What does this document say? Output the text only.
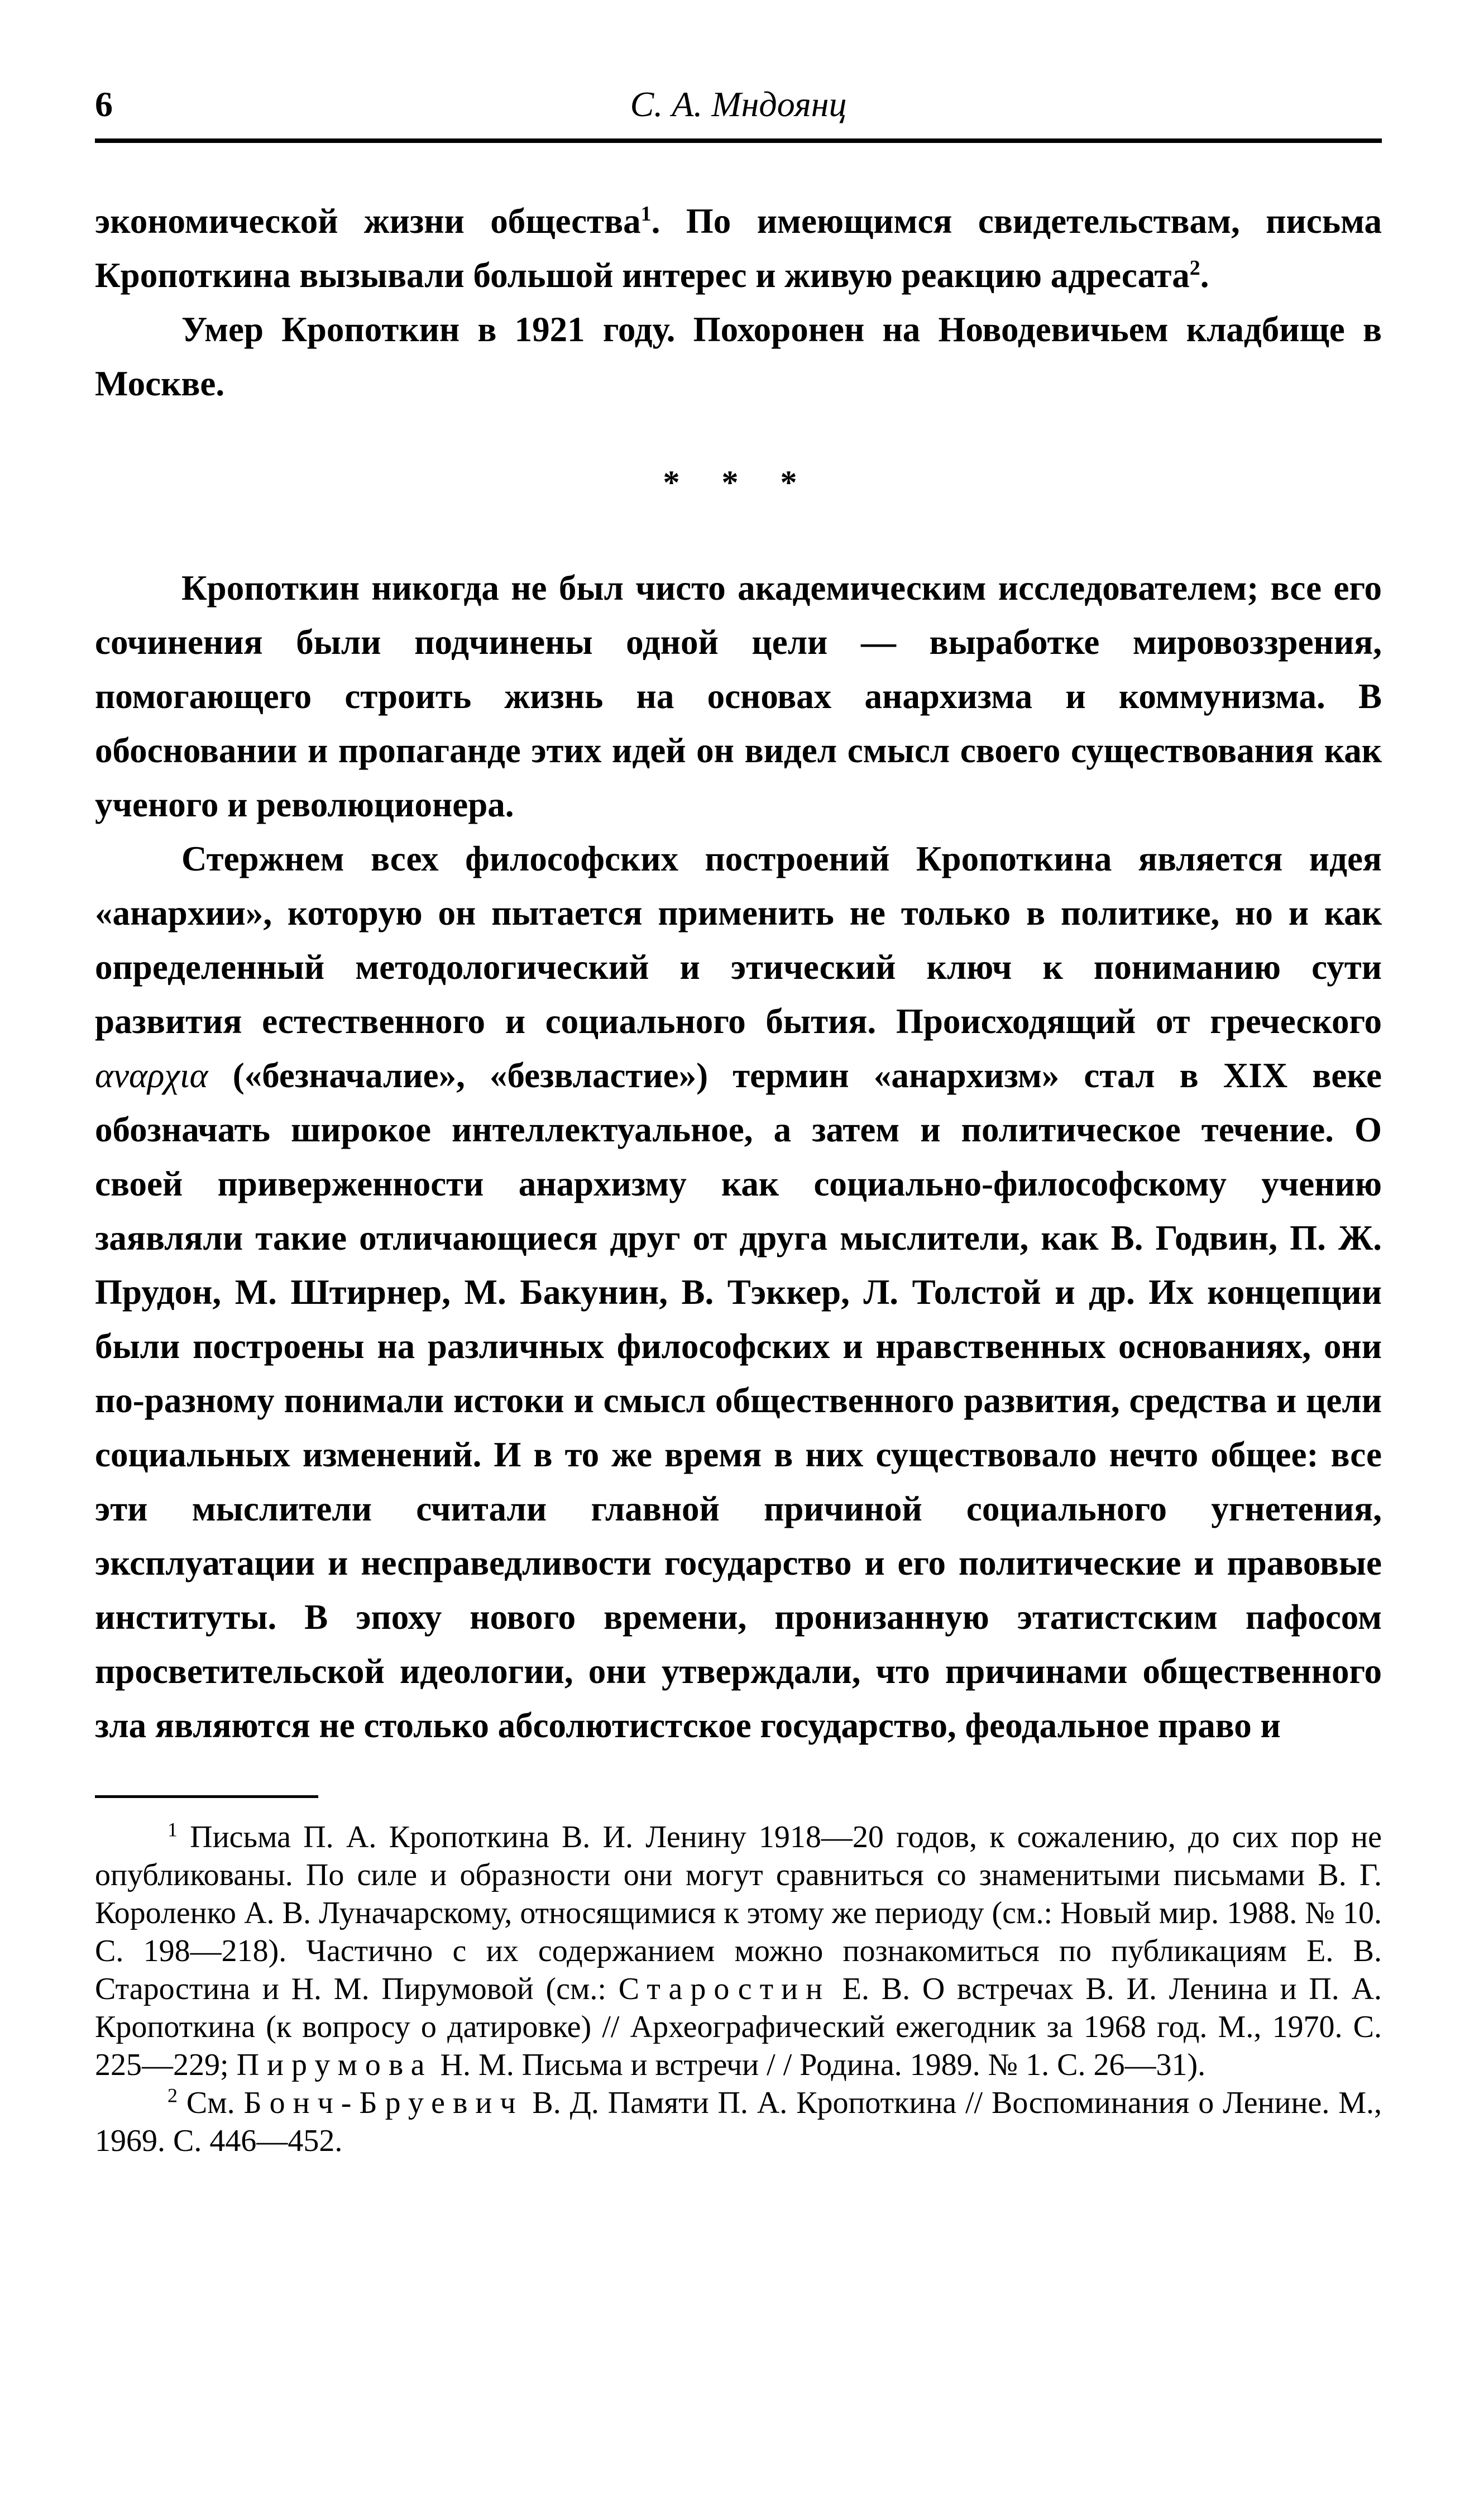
6	С. А. Мндоянц

экономической жизни общества$^1$. По имеющимся свидетельствам, письма Кропоткина вызывали большой интерес и живую реакцию адресата$^2$.

Умер Кропоткин в 1921 году. Похоронен на Новодевичьем кладбище в Москве.

* * *

Кропоткин никогда не был чисто академическим исследователем; все его сочинения были подчинены одной цели — выработке мировоззрения, помогающего строить жизнь на основах анархизма и коммунизма. В обосновании и пропаганде этих идей он видел смысл своего существования как ученого и революционера.

Стержнем всех философских построений Кропоткина является идея «анархии», которую он пытается применить не только в политике, но и как определенный методологический и этический ключ к пониманию сути развития естественного и социального бытия. Происходящий от греческого αναρχια («безначалие», «безвластие») термин «анархизм» стал в XIX веке обозначать широкое интеллектуальное, а затем и политическое течение. О своей приверженности анархизму как социально-философскому учению заявляли такие отличающиеся друг от друга мыслители, как В. Годвин, П. Ж. Прудон, М. Штирнер, М. Бакунин, В. Тэккер, Л. Толстой и др. Их концепции были построены на различных философских и нравственных основаниях, они по-разному понимали истоки и смысл общественного развития, средства и цели социальных изменений. И в то же время в них существовало нечто общее: все эти мыслители считали главной причиной социального угнетения, эксплуатации и несправедливости государство и его политические и правовые институты. В эпоху нового времени, пронизанную этатистским пафосом просветительской идеологии, они утверждали, что причинами общественного зла являются не столько абсолютистское государство, феодальное право и

$^1$ Письма П. А. Кропоткина В. И. Ленину 1918—20 годов, к сожалению, до сих пор не опубликованы. По силе и образности они могут сравниться со знаменитыми письмами В. Г. Короленко А. В. Луначарскому, относящимися к этому же периоду (см.: Новый мир. 1988. № 10. С. 198—218). Частично с их содержанием можно познакомиться по публикациям Е. В. Старостина и Н. М. Пирумовой (см.: Старостин Е. В. О встречах В. И. Ленина и П. А. Кропоткина (к вопросу о датировке) // Археографический ежегодник за 1968 год. М., 1970. С. 225—229; Пирумова Н. М. Письма и встречи / / Родина. 1989. № 1. С. 26—31).

$^2$ См. Бонч-Бруевич В. Д. Памяти П. А. Кропоткина // Воспоминания о Ленине. М., 1969. С. 446—452.
